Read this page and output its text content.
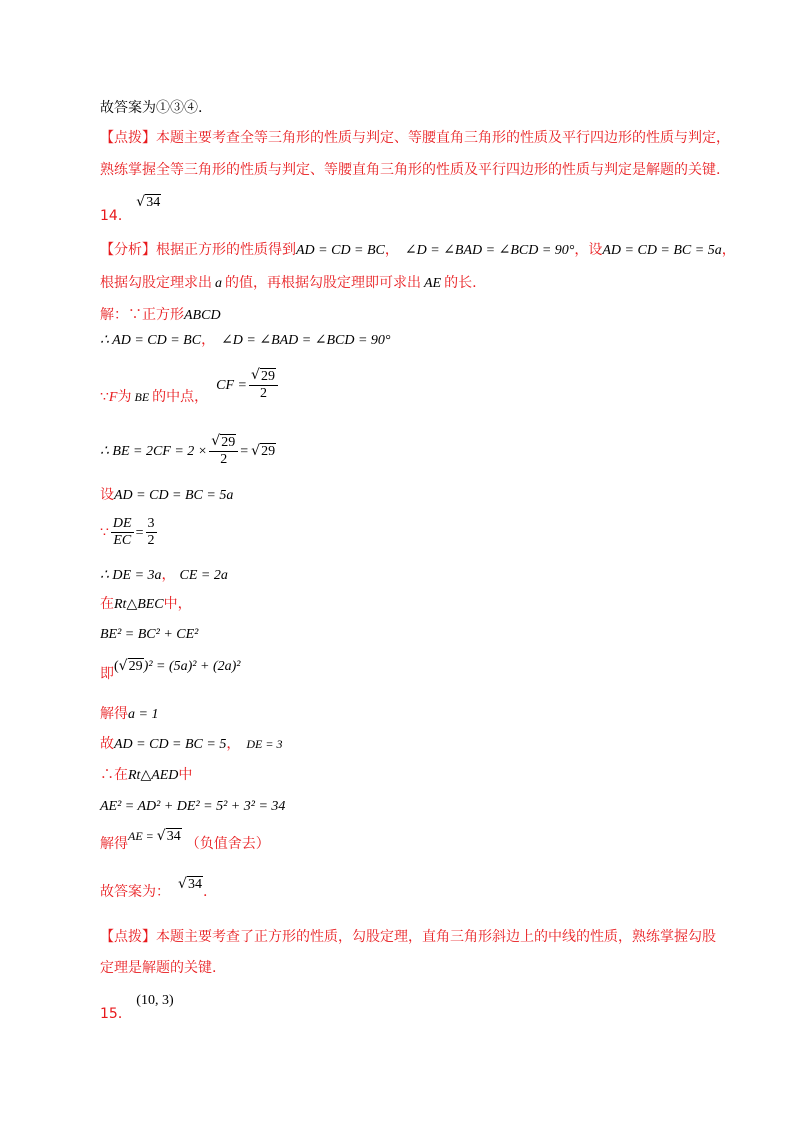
故答案为①③④.
【点拨】本题主要考查全等三角形的性质与判定、等腰直角三角形的性质及平行四边形的性质与判定，
熟练掌握全等三角形的性质与判定、等腰直角三角形的性质及平行四边形的性质与判定是解题的关键.
14．
√ 34
【分析】根据正方形的性质得到AD = CD = BC， ∠D = ∠BAD = ∠BCD = 90°，设AD = CD = BC = 5a，
根据勾股定理求出 a 的值，再根据勾股定理即可求出 AE 的长.
解：∵正方形ABCD
∴ AD = CD = BC， ∠D = ∠BAD = ∠BCD = 90°
∵F为 BE 的中点，CF = $\frac{√ 29}{2}$
∴ BE = $2CF = 2 \times \frac{√ 29}{2}$ = √ 29
设AD = CD = BC = 5a
∵ $\frac{DE}{EC} = \frac{3}{2}$
∴ DE = 3a， CE = 2a
在Rt△BEC中，
BE² = BC² + CE²
即( √ 29)² = (5a)² + (2a)²
解得a = 1
故AD = CD = BC = 5， DE = 3
∴在Rt△AED中
AE² = AD² + DE² = 5² + 3² = 34
解得AE = √ 34 （负值舍去）
故答案为： √ 34.
【点拨】本题主要考查了正方形的性质，勾股定理，直角三角形斜边上的中线的性质，熟练掌握勾股
定理是解题的关键.
15． (10, 3)
